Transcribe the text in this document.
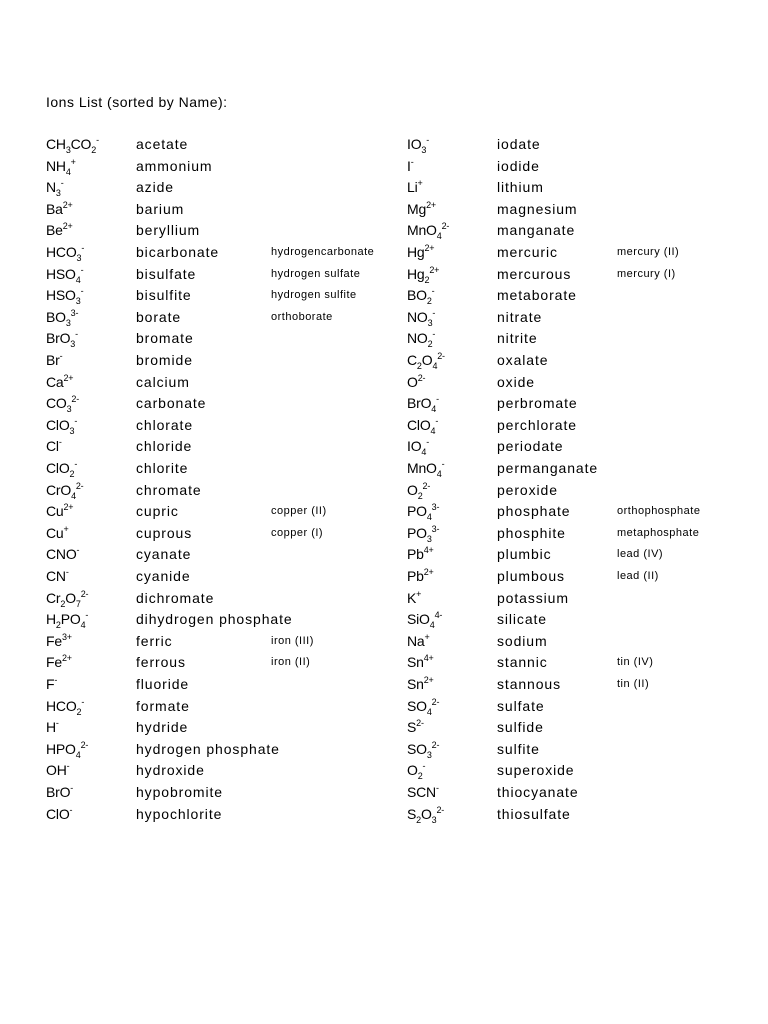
Ions List (sorted by Name):
$CH_3CO_2^-$	acetate
$NH_4^+$	ammonium
$N_3^-$	azide
$Ba^{2+}$	barium
$Be^{2+}$	beryllium
$HCO_3^-$	bicarbonate	hydrogencarbonate
$HSO_4^-$	bisulfate	hydrogen sulfate
$HSO_3^-$	bisulfite	hydrogen sulfite
$BO_3^{3-}$	borate	orthoborate
BrO$_3$-	bromate
Br-	bromide
$Ca^{2+}$	calcium
$CO_3^{2-}$	carbonate
ClO$_3$-	chlorate
Cl-	chloride
ClO$_2$-	chlorite
CrO$_4^{2-}$	chromate
$Cu^{2+}$	cupric	copper (II)
Cu+	cuprous	copper (I)
CNO-	cyanate
CN-	cyanide
$Cr_2O_7^{2-}$	dichromate
$H_2PO_4^-$	dihydrogen phosphate
$Fe^{3+}$	ferric	iron (III)
$Fe^{2+}$	ferrous	iron (II)
F-	fluoride
$HCO_2^-$	formate
H-	hydride
$HPO_4^{2-}$	hydrogen phosphate
OH-	hydroxide
BrO-	hypobromite
ClO-	hypochlorite
$IO_3^-$	iodate
I-	iodide
Li+	lithium
$Mg^{2+}$	magnesium
MnO$_4^{2-}$	manganate
$Hg^{2+}$	mercuric	mercury (II)
$Hg_2^{2+}$	mercurous	mercury (I)
$BO_2^-$	metaborate
$NO_3^-$	nitrate
$NO_2^-$	nitrite
$C_2O_4^{2-}$	oxalate
$O^{2-}$	oxide
BrO$_4$-	perbromate
ClO$_4$-	perchlorate
$IO_4^-$	periodate
MnO$_4$-	permanganate
$O_2^{2-}$	peroxide
$PO_4^{3-}$	phosphate	orthophosphate
$PO_3^{3-}$	phosphite	metaphosphate
$Pb^{4+}$	plumbic	lead (IV)
$Pb^{2+}$	plumbous	lead (II)
K+	potassium
SiO$_4^{4-}$	silicate
Na+	sodium
$Sn^{4+}$	stannic	tin (IV)
$Sn^{2+}$	stannous	tin (II)
$SO_4^{2-}$	sulfate
$S^{2-}$	sulfide
$SO_3^{2-}$	sulfite
$O_2^-$	superoxide
SCN-	thiocyanate
$S_2O_3^{2-}$	thiosulfate
